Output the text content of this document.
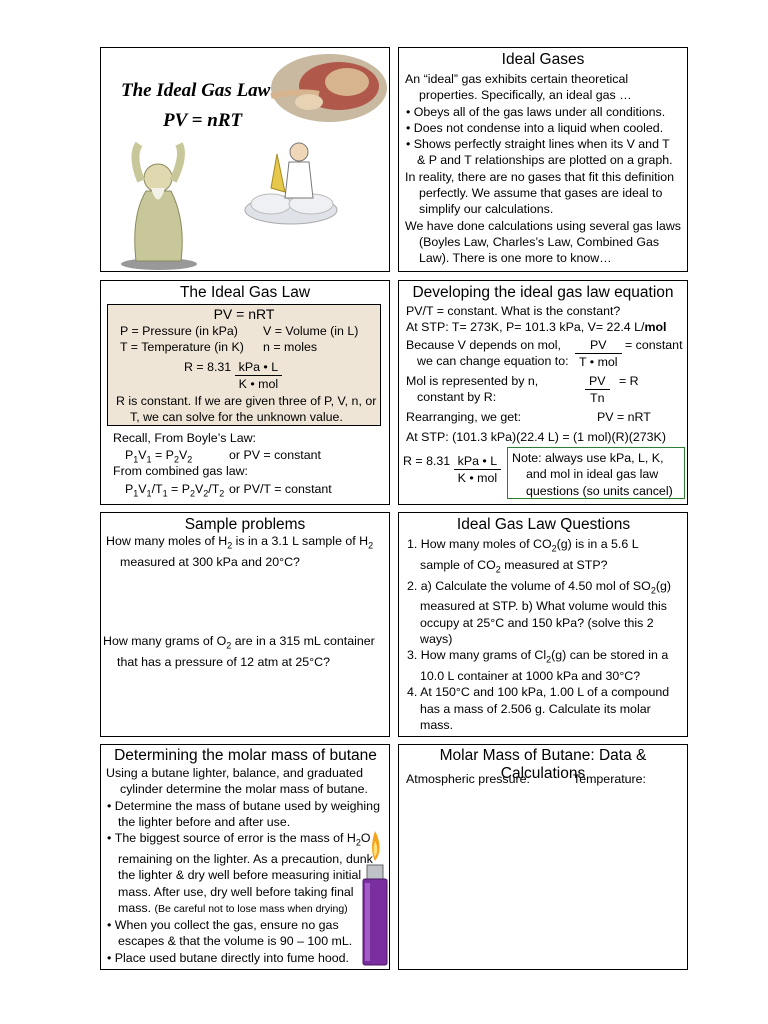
The Ideal Gas Law
PV = nRT
Ideal Gases
An “ideal” gas exhibits certain theoretical properties. Specifically, an ideal gas …
• Obeys all of the gas laws under all conditions.
• Does not condense into a liquid when cooled.
• Shows perfectly straight lines when its V and T & P and T relationships are plotted on a graph.
In reality, there are no gases that fit this definition perfectly. We assume that gases are ideal to simplify our calculations.
We have done calculations using several gas laws (Boyles Law, Charles’s Law, Combined Gas Law). There is one more to know…
The Ideal Gas Law
PV = nRT
P = Pressure (in kPa) V = Volume (in L)
T = Temperature (in K) n = moles
$R = 8.31 \frac{\text{kPa • L}}{\text{K • mol}}$
R is constant. If we are given three of P, V, n, or T, we can solve for the unknown value.
Recall, From Boyle’s Law:
$P_1V_1 = P_2V_2$	or PV = constant
From combined gas law:
$P_1V_1/T_1 = P_2V_2/T_2$ or PV/T = constant
Developing the ideal gas law equation
PV/T = constant. What is the constant?
At STP: T= 273K, P= 101.3 kPa, V= 22.4 L/mol
Because V depends on mol,
we can change equation to: $\frac{PV}{\text{T • mol}}$ = constant
Mol is represented by n,
constant by R:	$\frac{PV}{Tn} = R$
Rearranging, we get:	PV = nRT
At STP: (101.3 kPa)(22.4 L) = (1 mol)(R)(273K)
$R = 8.31 \frac{\text{kPa • L}}{\text{K • mol}}$ Note: always use kPa, L, K, and mol in ideal gas law questions (so units cancel)
Sample problems
How many moles of $H_2$ is in a 3.1 L sample of $H_2$ measured at 300 kPa and 20°C?
How many grams of $O_2$ are in a 315 mL container that has a pressure of 12 atm at 25°C?
Ideal Gas Law Questions
1. How many moles of $CO_2(g)$ is in a 5.6 L sample of $CO_2$ measured at STP?
2. a) Calculate the volume of 4.50 mol of $SO_2(g)$ measured at STP. b) What volume would this occupy at 25°C and 150 kPa? (solve this 2 ways)
3. How many grams of $Cl_2(g)$ can be stored in a 10.0 L container at 1000 kPa and 30°C?
4. At 150°C and 100 kPa, 1.00 L of a compound has a mass of 2.506 g. Calculate its molar mass.
Determining the molar mass of butane
Using a butane lighter, balance, and graduated cylinder determine the molar mass of butane.
• Determine the mass of butane used by weighing the lighter before and after use.
• The biggest source of error is the mass of $H_2O$ remaining on the lighter. As a precaution, dunk the lighter & dry well before measuring initial mass. After use, dry well before taking final mass. (Be careful not to lose mass when drying)
• When you collect the gas, ensure no gas escapes & that the volume is 90 – 100 mL.
• Place used butane directly into fume hood.
Molar Mass of Butane: Data & Calculations
Atmospheric pressure:	Temperature:
